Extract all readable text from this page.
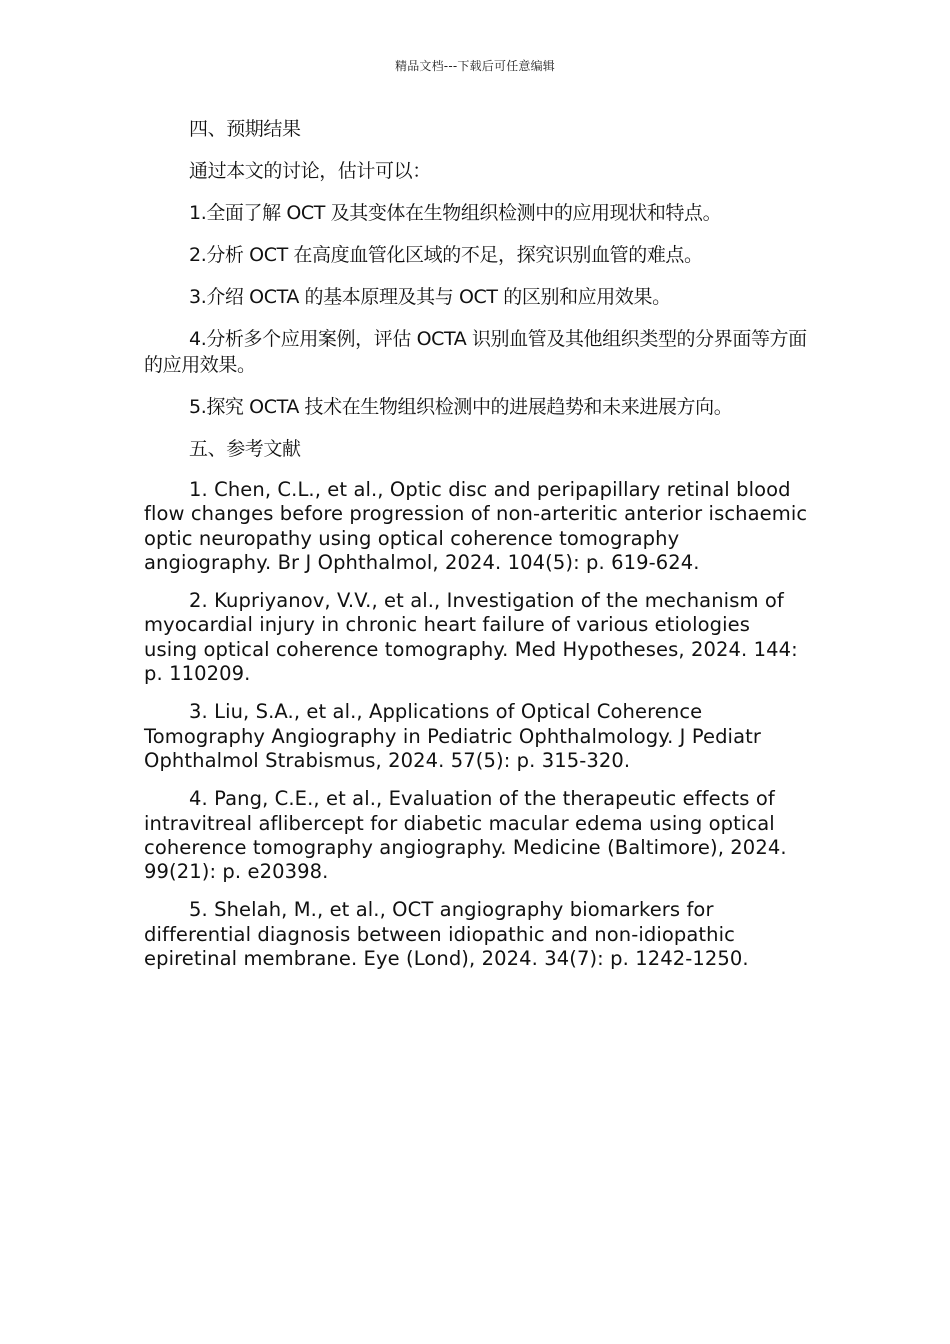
精品文档---下载后可任意编辑

四、预期结果

通过本文的讨论，估计可以：

1.全面了解 OCT 及其变体在生物组织检测中的应用现状和特点。

2.分析 OCT 在高度血管化区域的不足，探究识别血管的难点。

3.介绍 OCTA 的基本原理及其与 OCT 的区别和应用效果。

4.分析多个应用案例，评估 OCTA 识别血管及其他组织类型的分界面等方面的应用效果。

5.探究 OCTA 技术在生物组织检测中的进展趋势和未来进展方向。

五、参考文献

1. Chen, C.L., et al., Optic disc and peripapillary retinal blood flow changes before progression of non-arteritic anterior ischaemic optic neuropathy using optical coherence tomography angiography. Br J Ophthalmol, 2024. 104(5): p. 619-624.

2. Kupriyanov, V.V., et al., Investigation of the mechanism of myocardial injury in chronic heart failure of various etiologies using optical coherence tomography. Med Hypotheses, 2024. 144: p. 110209.

3. Liu, S.A., et al., Applications of Optical Coherence Tomography Angiography in Pediatric Ophthalmology. J Pediatr Ophthalmol Strabismus, 2024. 57(5): p. 315-320.

4. Pang, C.E., et al., Evaluation of the therapeutic effects of intravitreal aflibercept for diabetic macular edema using optical coherence tomography angiography. Medicine (Baltimore), 2024. 99(21): p. e20398.

5. Shelah, M., et al., OCT angiography biomarkers for differential diagnosis between idiopathic and non-idiopathic epiretinal membrane. Eye (Lond), 2024. 34(7): p. 1242-1250.
